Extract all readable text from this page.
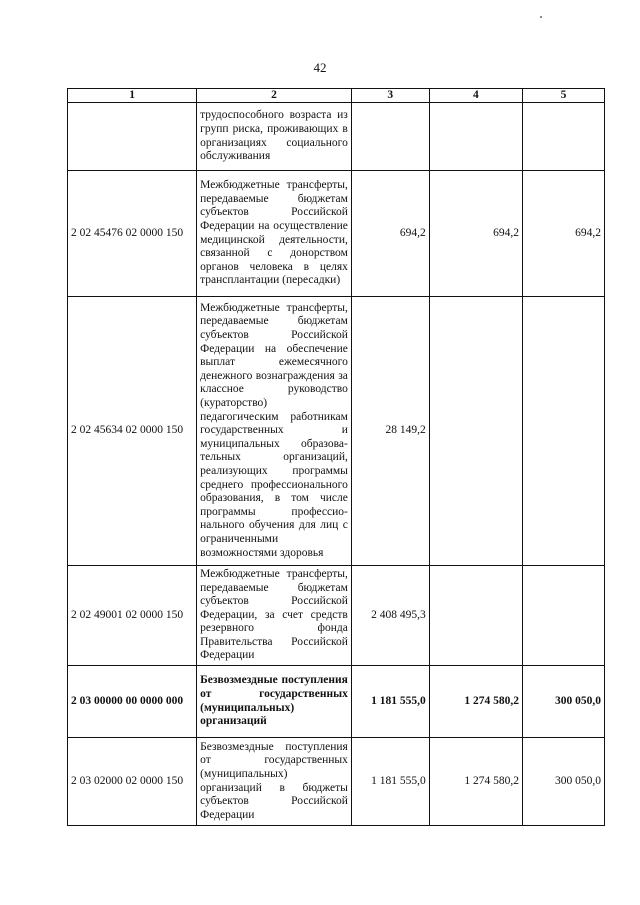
42
1	2	3	4	5
	трудоспособного возраста из групп риска, проживающих в организациях социального обслуживания			
2 02 45476 02 0000 150	Межбюджетные трансферты, передаваемые бюджетам субъектов Российской Федерации на осуществление медицинской деятельности, связанной с донорством органов человека в целях трансплантации (пересадки)	694,2	694,2	694,2
2 02 45634 02 0000 150	Межбюджетные трансферты, передаваемые бюджетам субъектов Российской Федерации на обеспечение выплат ежемесячного денежного вознаграждения за классное руководство (кураторство) педагогическим работникам государственных и муниципальных образова-тельных организаций, реализующих программы среднего профессионального образования, в том числе программы профессио-нального обучения для лиц с ограниченными возможностями здоровья	28 149,2		
2 02 49001 02 0000 150	Межбюджетные трансферты, передаваемые бюджетам субъектов Российской Федерации, за счет средств резервного фонда Правительства Российской Федерации	2 408 495,3		
2 03 00000 00 0000 000	Безвозмездные поступления от государственных (муниципальных) организаций	1 181 555,0	1 274 580,2	300 050,0
2 03 02000 02 0000 150	Безвозмездные поступления от государственных (муниципальных) организаций в бюджеты субъектов Российской Федерации	1 181 555,0	1 274 580,2	300 050,0
